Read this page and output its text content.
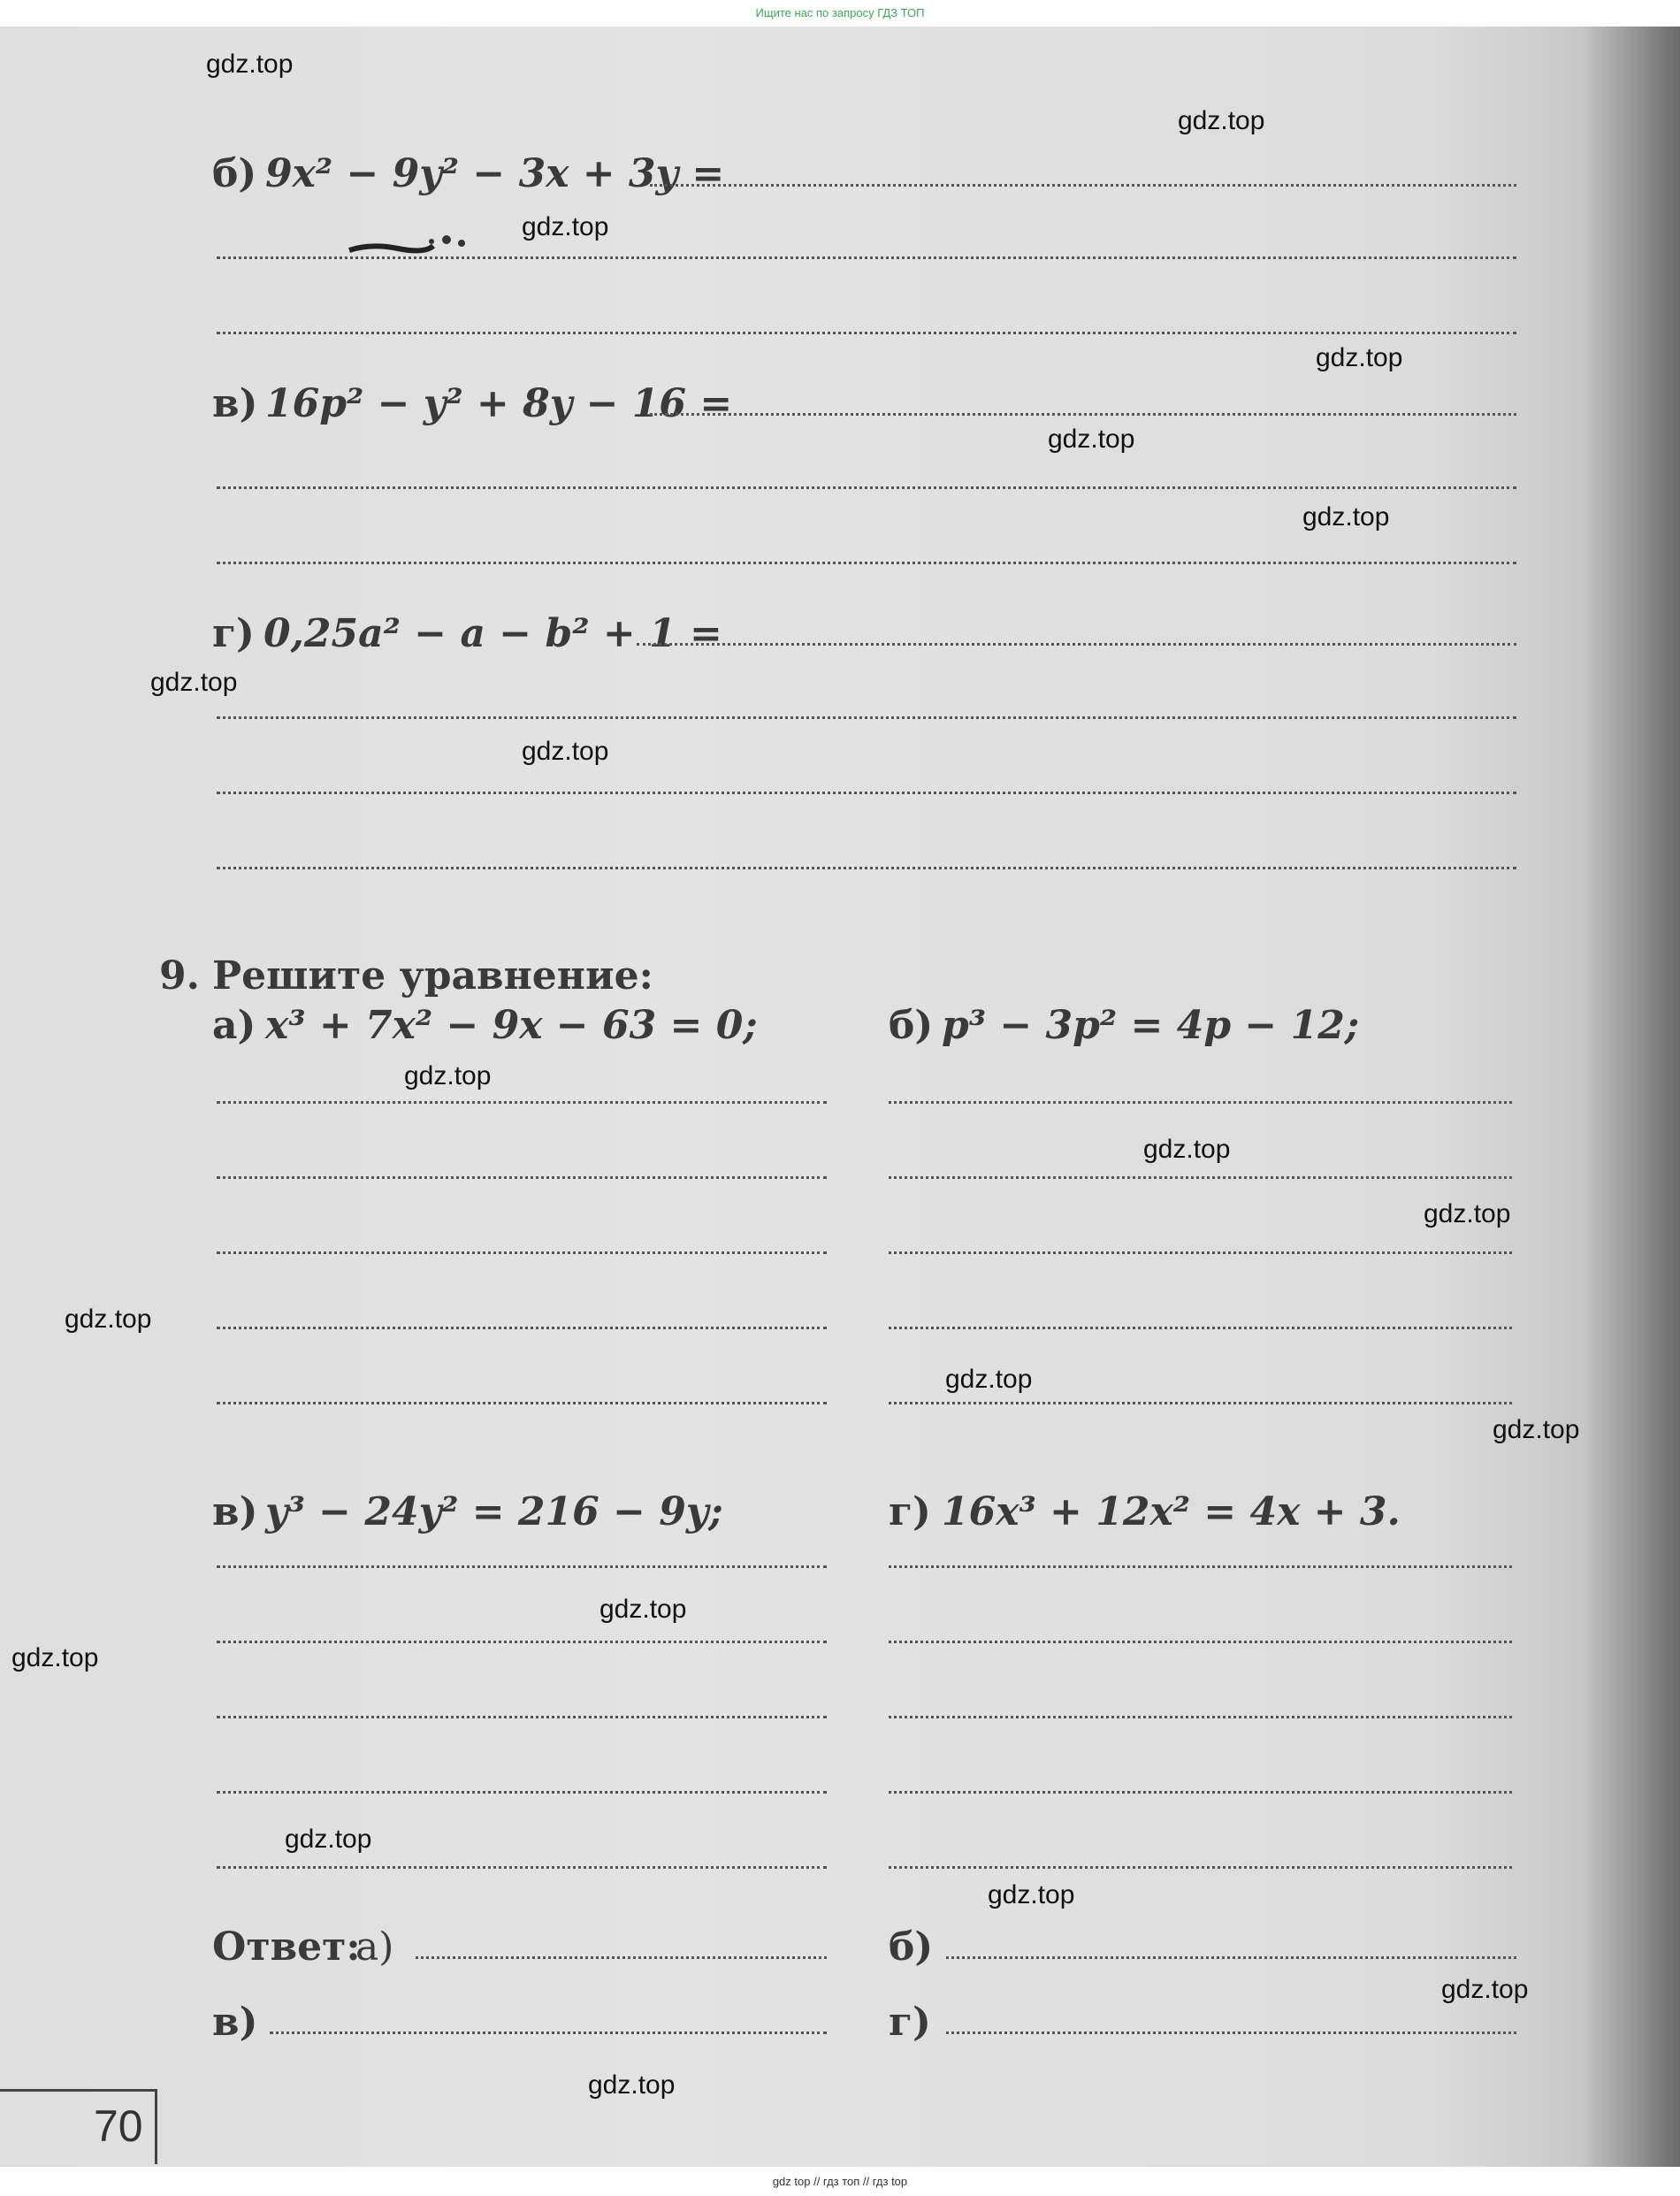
Ищите нас по запросу ГДЗ ТОП
б) 9x² − 9y² − 3x + 3y =
в) 16p² − y² + 8y − 16 =
г) 0,25a² − a − b² + 1 =
9. Решите уравнение:
а) x³ + 7x² − 9x − 63 = 0;	б) p³ − 3p² = 4p − 12;
в) y³ − 24y² = 216 − 9y;	г) 16x³ + 12x² = 4x + 3.
Ответ:
а)	б)
в)	г)
70
gdz.top
gdz.top
gdz.top
gdz.top
gdz.top
gdz.top
gdz.top
gdz.top
gdz.top
gdz.top
gdz.top
gdz.top
gdz.top
gdz.top
gdz.top
gdz.top
gdz.top
gdz.top
gdz.top
gdz.top
gdz top // гдз топ // гдз top
